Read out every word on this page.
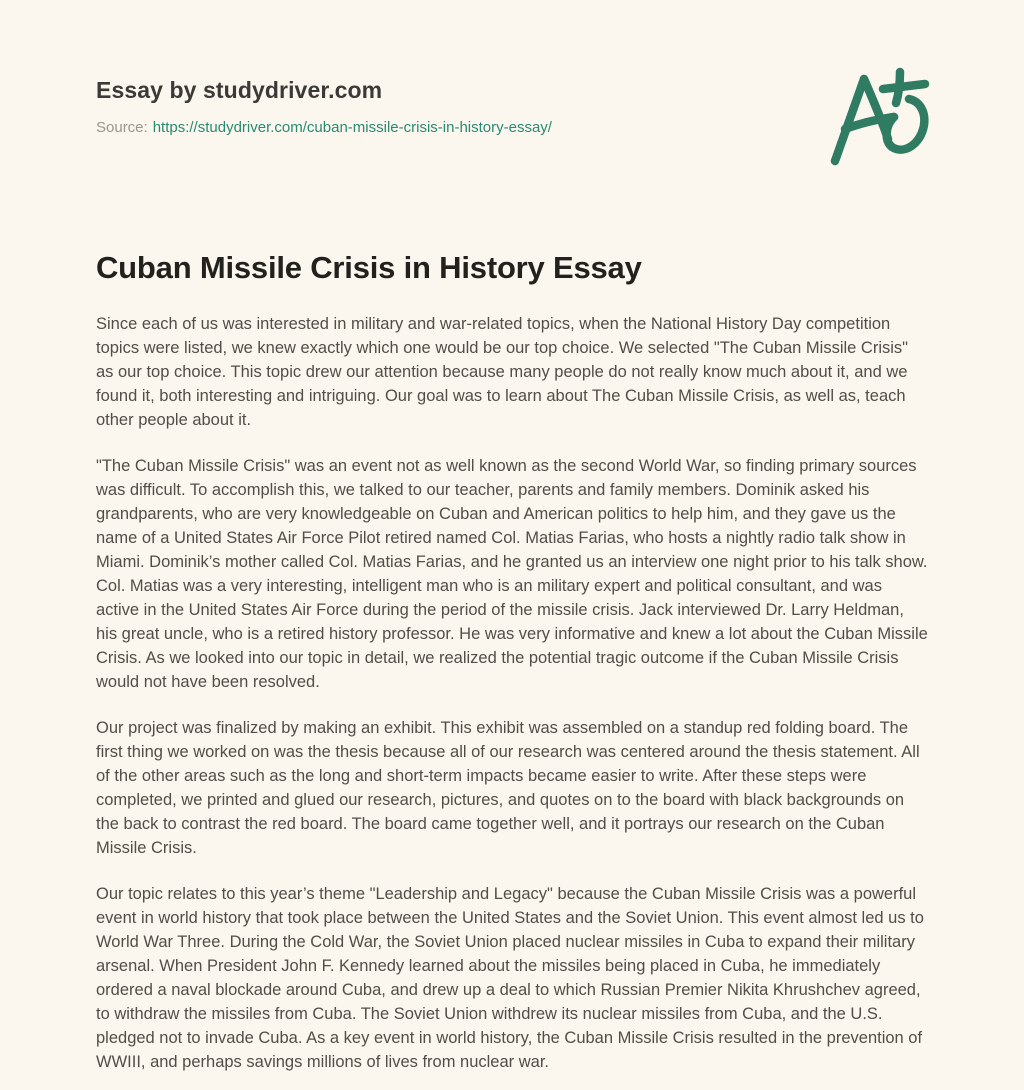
Essay by studydriver.com
Source: https://studydriver.com/cuban-missile-crisis-in-history-essay/
Cuban Missile Crisis in History Essay

Since each of us was interested in military and war-related topics, when the National History Day competition topics were listed, we knew exactly which one would be our top choice. We selected "The Cuban Missile Crisis" as our top choice. This topic drew our attention because many people do not really know much about it, and we found it, both interesting and intriguing. Our goal was to learn about The Cuban Missile Crisis, as well as, teach other people about it.

"The Cuban Missile Crisis" was an event not as well known as the second World War, so finding primary sources was difficult. To accomplish this, we talked to our teacher, parents and family members. Dominik asked his grandparents, who are very knowledgeable on Cuban and American politics to help him, and they gave us the name of a United States Air Force Pilot retired named Col. Matias Farias, who hosts a nightly radio talk show in Miami. Dominik’s mother called Col. Matias Farias, and he granted us an interview one night prior to his talk show. Col. Matias was a very interesting, intelligent man who is an military expert and political consultant, and was active in the United States Air Force during the period of the missile crisis. Jack interviewed Dr. Larry Heldman, his great uncle, who is a retired history professor. He was very informative and knew a lot about the Cuban Missile Crisis. As we looked into our topic in detail, we realized the potential tragic outcome if the Cuban Missile Crisis would not have been resolved.

Our project was finalized by making an exhibit. This exhibit was assembled on a standup red folding board. The first thing we worked on was the thesis because all of our research was centered around the thesis statement. All of the other areas such as the long and short-term impacts became easier to write. After these steps were completed, we printed and glued our research, pictures, and quotes on to the board with black backgrounds on the back to contrast the red board. The board came together well, and it portrays our research on the Cuban Missile Crisis.

Our topic relates to this year’s theme "Leadership and Legacy" because the Cuban Missile Crisis was a powerful event in world history that took place between the United States and the Soviet Union. This event almost led us to World War Three. During the Cold War, the Soviet Union placed nuclear missiles in Cuba to expand their military arsenal. When President John F. Kennedy learned about the missiles being placed in Cuba, he immediately ordered a naval blockade around Cuba, and drew up a deal to which Russian Premier Nikita Khrushchev agreed, to withdraw the missiles from Cuba. The Soviet Union withdrew its nuclear missiles from Cuba, and the U.S. pledged not to invade Cuba. As a key event in world history, the Cuban Missile Crisis resulted in the prevention of WWIII, and perhaps savings millions of lives from nuclear war.
